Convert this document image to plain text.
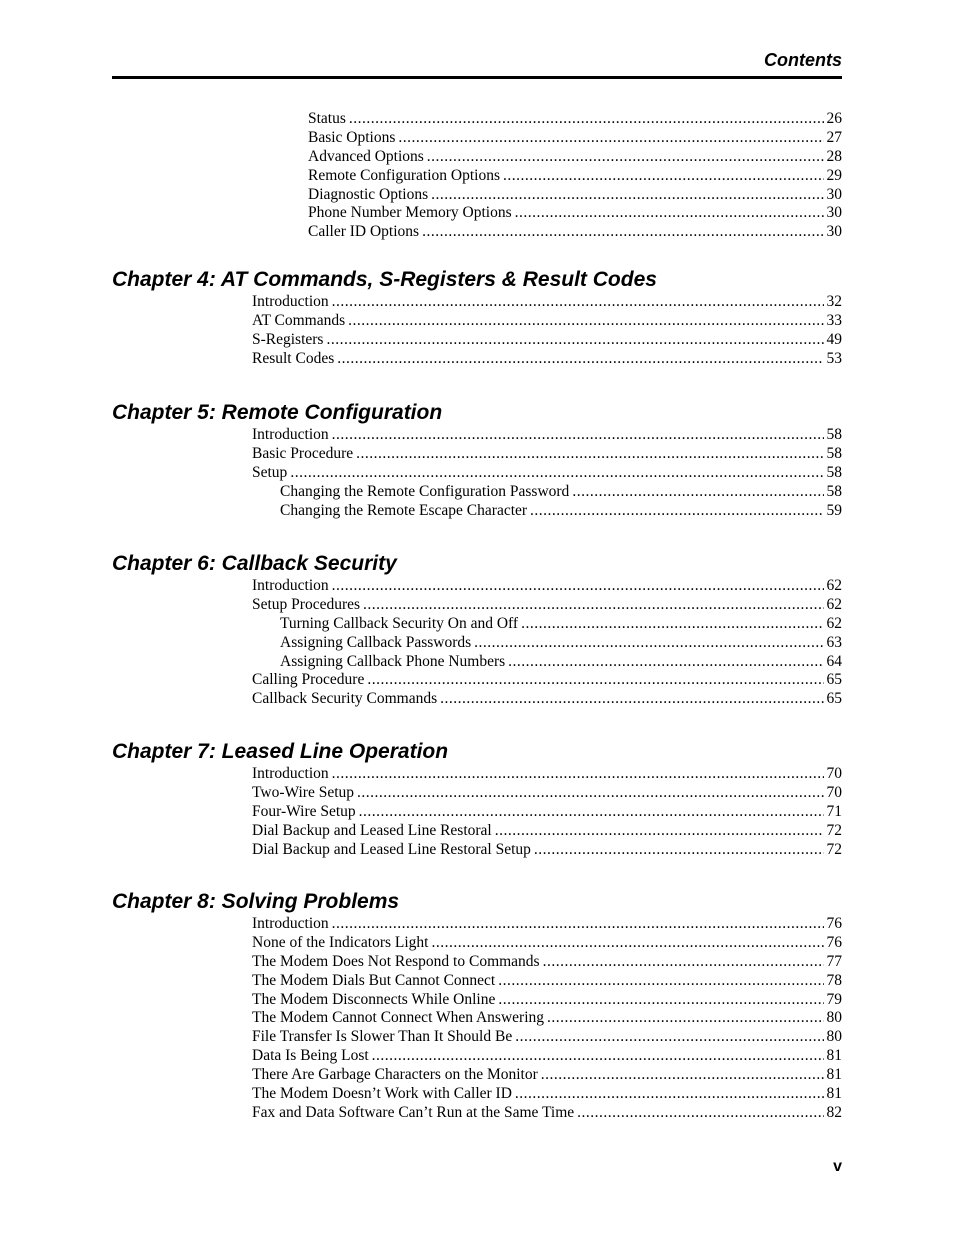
Contents
Status .....	26
Basic Options .....	27
Advanced Options .....	28
Remote Configuration Options .....	29
Diagnostic Options .....	30
Phone Number Memory Options .....	30
Caller ID Options .....	30
Chapter 4: AT Commands, S-Registers & Result Codes
Introduction .....	32
AT Commands .....	33
S-Registers .....	49
Result Codes .....	53
Chapter 5: Remote Configuration
Introduction .....	58
Basic Procedure .....	58
Setup .....	58
Changing the Remote Configuration Password .....	58
Changing the Remote Escape Character .....	59
Chapter 6: Callback Security
Introduction .....	62
Setup Procedures .....	62
Turning Callback Security On and Off .....	62
Assigning Callback Passwords .....	63
Assigning Callback Phone Numbers .....	64
Calling Procedure .....	65
Callback Security Commands .....	65
Chapter 7: Leased Line Operation
Introduction .....	70
Two-Wire Setup .....	70
Four-Wire Setup .....	71
Dial Backup and Leased Line Restoral .....	72
Dial Backup and Leased Line Restoral Setup .....	72
Chapter 8: Solving Problems
Introduction .....	76
None of the Indicators Light .....	76
The Modem Does Not Respond to Commands .....	77
The Modem Dials But Cannot Connect .....	78
The Modem Disconnects While Online .....	79
The Modem Cannot Connect When Answering .....	80
File Transfer Is Slower Than It Should Be .....	80
Data Is Being Lost .....	81
There Are Garbage Characters on the Monitor .....	81
The Modem Doesn’t Work with Caller ID .....	81
Fax and Data Software Can’t Run at the Same Time .....	82
v
